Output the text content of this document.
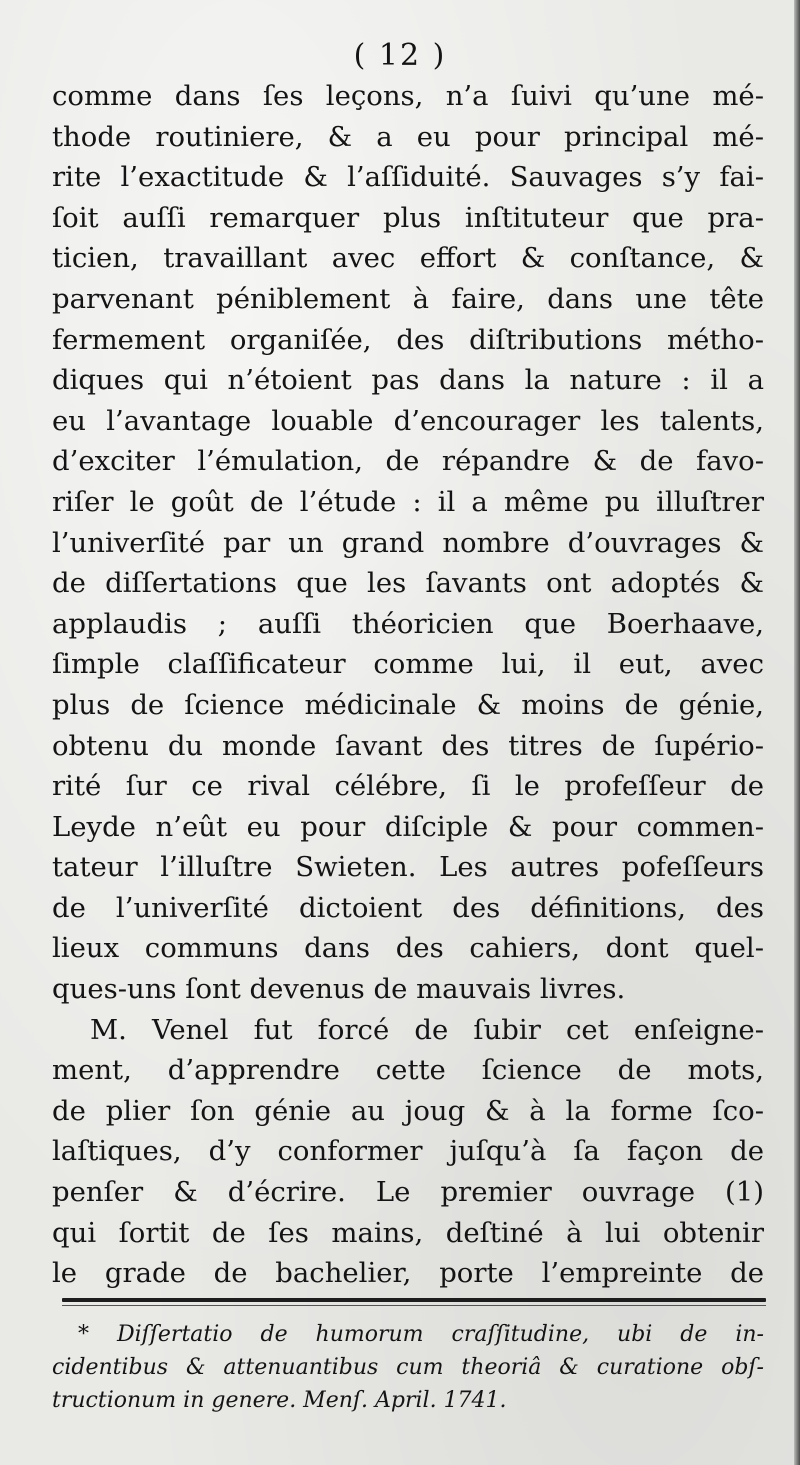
( 12 )
comme dans ſes leçons, n’a ſuivi qu’une mé-
thode routiniere, & a eu pour principal mé-
rite l’exactitude & l’aſſiduité. Sauvages s’y fai-
ſoit auſſi remarquer plus inſtituteur que pra-
ticien, travaillant avec effort & conſtance, &
parvenant péniblement à faire, dans une tête
fermement organiſée, des diſtributions métho-
diques qui n’étoient pas dans la nature : il a
eu l’avantage louable d’encourager les talents,
d’exciter l’émulation, de répandre & de favo-
riſer le goût de l’étude : il a même pu illuſtrer
l’univerſité par un grand nombre d’ouvrages &
de diſſertations que les ſavants ont adoptés &
applaudis ; auſſi théoricien que Boerhaave,
ſimple claſſificateur comme lui, il eut, avec
plus de ſcience médicinale & moins de génie,
obtenu du monde ſavant des titres de ſupério-
rité ſur ce rival célébre, ſi le profeſſeur de
Leyde n’eût eu pour diſciple & pour commen-
tateur l’illuſtre Swieten. Les autres pofeſſeurs
de l’univerſité dictoient des définitions, des
lieux communs dans des cahiers, dont quel-
ques-uns ſont devenus de mauvais livres.
M. Venel fut forcé de ſubir cet enſeigne-
ment, d’apprendre cette ſcience de mots,
de plier ſon génie au joug & à la forme ſco-
laſtiques, d’y conformer juſqu’à ſa façon de
penſer & d’écrire. Le premier ouvrage (1)
qui ſortit de ſes mains, deſtiné à lui obtenir
le grade de bachelier, porte l’empreinte de
* Diſſertatio de humorum craſſitudine, ubi de in-
cidentibus & attenuantibus cum theoriâ & curatione obſ-
tructionum in genere. Menſ. April. 1741.
